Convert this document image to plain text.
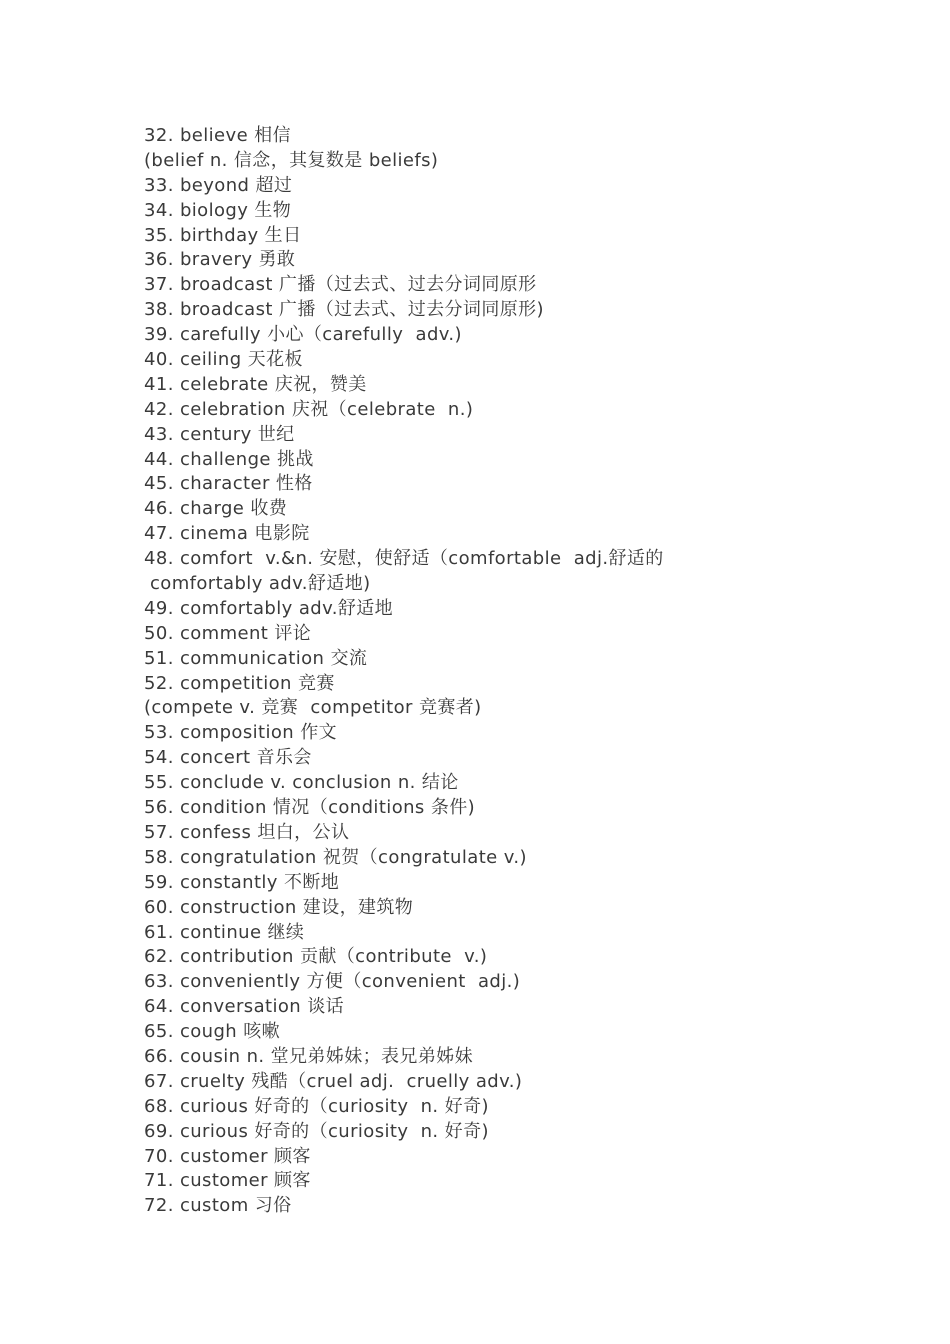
32. believe 相信
(belief n. 信念，其复数是 beliefs)
33. beyond 超过
34. biology 生物
35. birthday 生日
36. bravery 勇敢
37. broadcast 广播（过去式、过去分词同原形
38. broadcast 广播（过去式、过去分词同原形)
39. carefully 小心（carefully  adv.)
40. ceiling 天花板
41. celebrate 庆祝，赞美
42. celebration 庆祝（celebrate  n.)
43. century 世纪
44. challenge 挑战
45. character 性格
46. charge 收费
47. cinema 电影院
48. comfort  v.&n. 安慰，使舒适（comfortable  adj.舒适的
comfortably adv.舒适地)
49. comfortably adv.舒适地
50. comment 评论
51. communication 交流
52. competition 竞赛
(compete v. 竞赛  competitor 竞赛者)
53. composition 作文
54. concert 音乐会
55. conclude v. conclusion n. 结论
56. condition 情况（conditions 条件)
57. confess 坦白，公认
58. congratulation 祝贺（congratulate v.)
59. constantly 不断地
60. construction 建设，建筑物
61. continue 继续
62. contribution 贡献（contribute  v.)
63. conveniently 方便（convenient  adj.)
64. conversation 谈话
65. cough 咳嗽
66. cousin n. 堂兄弟姊妹；表兄弟姊妹
67. cruelty 残酷（cruel adj.  cruelly adv.)
68. curious 好奇的（curiosity  n. 好奇)
69. curious 好奇的（curiosity  n. 好奇)
70. customer 顾客
71. customer 顾客
72. custom 习俗
